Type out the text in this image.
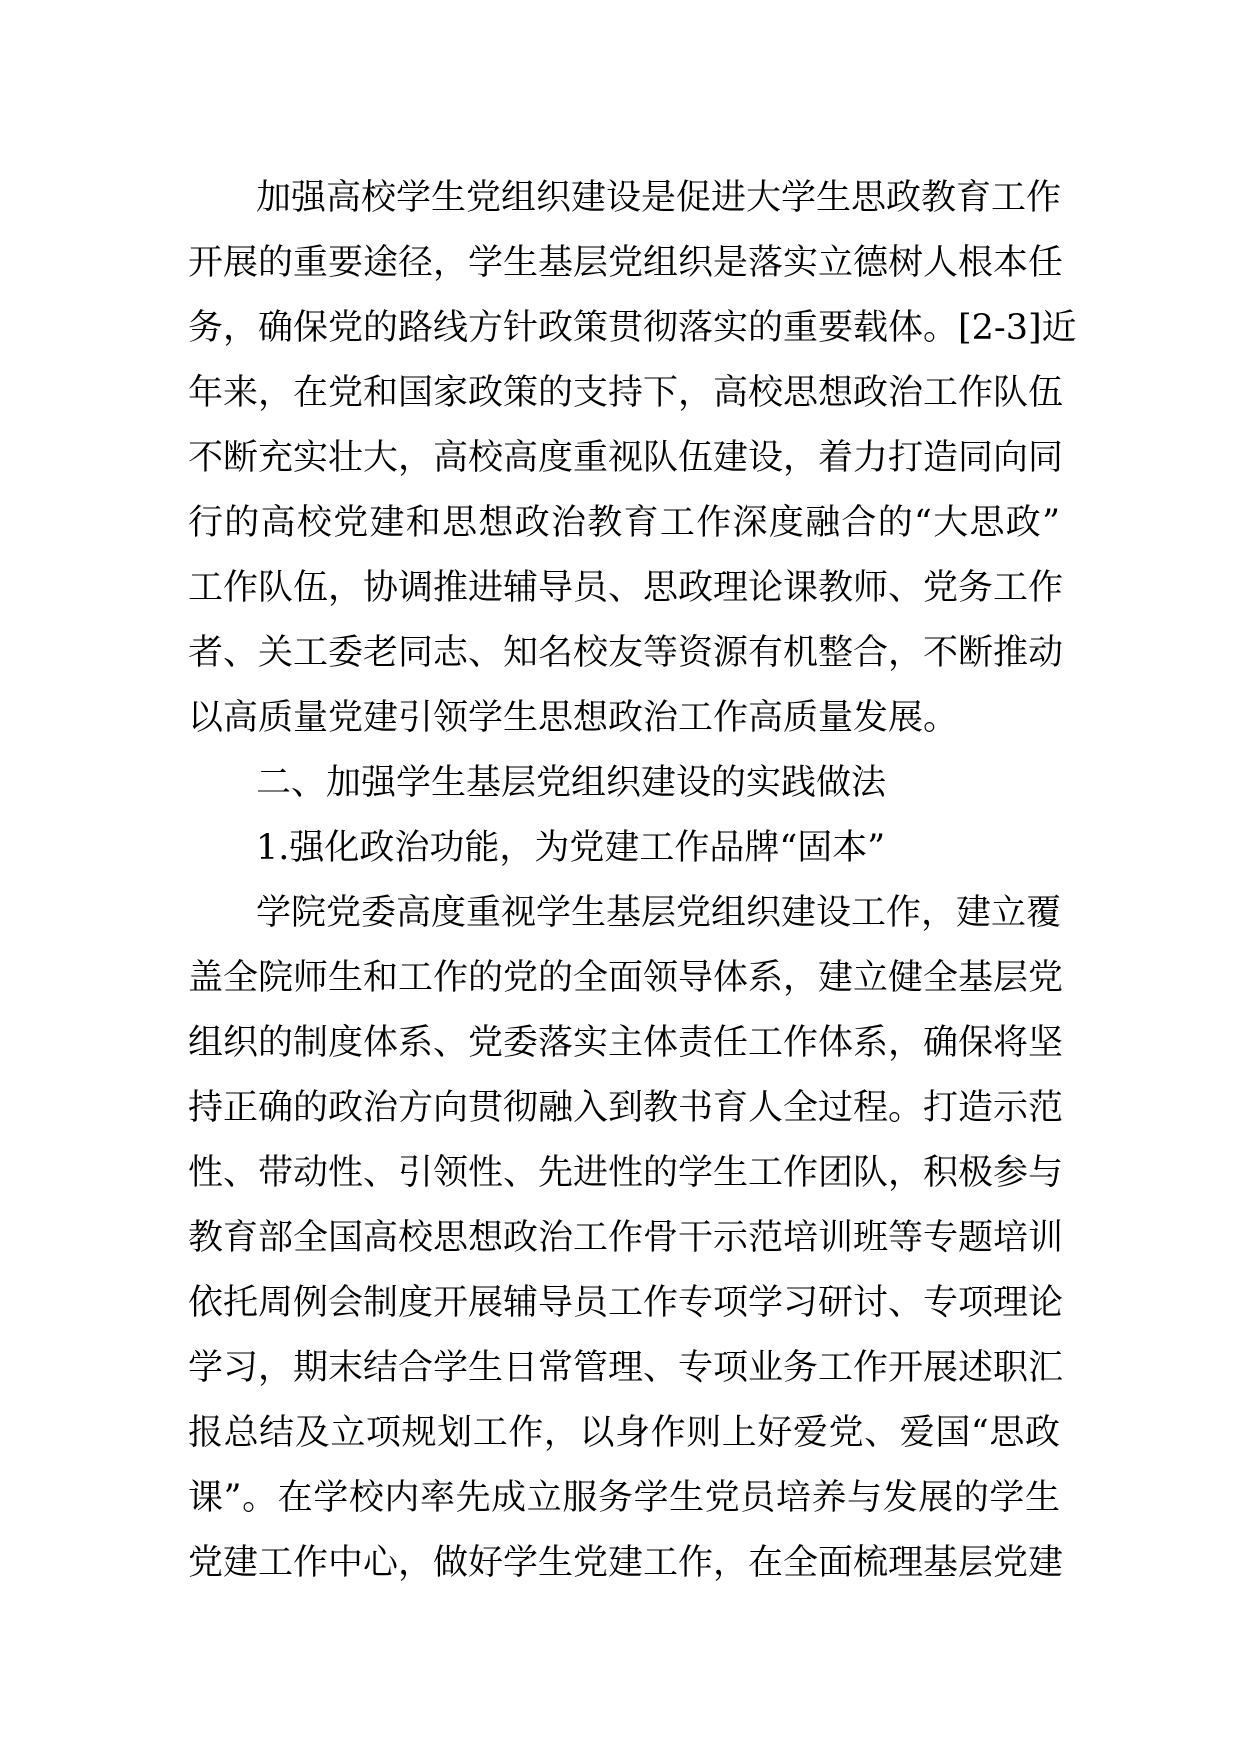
加强高校学生党组织建设是促进大学生思政教育工作
开展的重要途径，学生基层党组织是落实立德树人根本任
务，确保党的路线方针政策贯彻落实的重要载体。[2-3]近
年来，在党和国家政策的支持下，高校思想政治工作队伍
不断充实壮大，高校高度重视队伍建设，着力打造同向同
行的高校党建和思想政治教育工作深度融合的“大思政”
工作队伍，协调推进辅导员、思政理论课教师、党务工作
者、关工委老同志、知名校友等资源有机整合，不断推动
以高质量党建引领学生思想政治工作高质量发展。
二、加强学生基层党组织建设的实践做法
1.强化政治功能，为党建工作品牌“固本”
学院党委高度重视学生基层党组织建设工作，建立覆
盖全院师生和工作的党的全面领导体系，建立健全基层党
组织的制度体系、党委落实主体责任工作体系，确保将坚
持正确的政治方向贯彻融入到教书育人全过程。打造示范
性、带动性、引领性、先进性的学生工作团队，积极参与
教育部全国高校思想政治工作骨干示范培训班等专题培训
依托周例会制度开展辅导员工作专项学习研讨、专项理论
学习，期末结合学生日常管理、专项业务工作开展述职汇
报总结及立项规划工作，以身作则上好爱党、爱国“思政
课”。在学校内率先成立服务学生党员培养与发展的学生
党建工作中心，做好学生党建工作，在全面梳理基层党建
